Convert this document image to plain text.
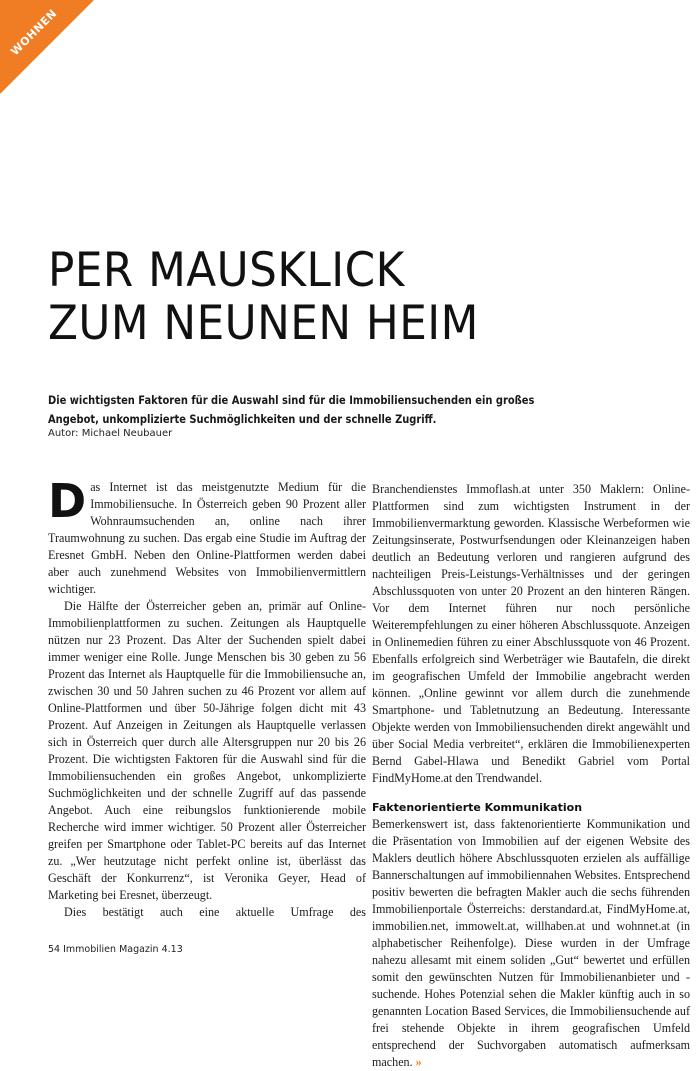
WOHNEN
PER MAUSKLICK
ZUM NEUNEN HEIM
Die wichtigsten Faktoren für die Auswahl sind für die Immobiliensuchenden ein großes
Angebot, unkomplizierte Suchmöglichkeiten und der schnelle Zugriff.
Autor: Michael Neubauer

Das Internet ist das meistgenutzte Medium für die Immobiliensuche. In Österreich geben 90 Prozent aller Wohnraumsuchenden an, online nach ihrer Traumwohnung zu suchen. Das ergab eine Studie im Auftrag der Eresnet GmbH. Neben den Online-Plattformen werden dabei aber auch zunehmend Websites von Immobilienvermittlern wichtiger.

Die Hälfte der Österreicher geben an, primär auf Online-Immobilienplattformen zu suchen. Zeitungen als Hauptquelle nützen nur 23 Prozent. Das Alter der Suchenden spielt dabei immer weniger eine Rolle. Junge Menschen bis 30 geben zu 56 Prozent das Internet als Hauptquelle für die Immobiliensuche an, zwischen 30 und 50 Jahren suchen zu 46 Prozent vor allem auf Online-Plattformen und über 50-Jährige folgen dicht mit 43 Prozent. Auf Anzeigen in Zeitungen als Hauptquelle verlassen sich in Österreich quer durch alle Altersgruppen nur 20 bis 26 Prozent. Die wichtigsten Faktoren für die Auswahl sind für die Immobiliensuchenden ein großes Angebot, unkomplizierte Suchmöglichkeiten und der schnelle Zugriff auf das passende Angebot. Auch eine reibungslos funktionierende mobile Recherche wird immer wichtiger. 50 Prozent aller Österreicher greifen per Smartphone oder Tablet-PC bereits auf das Internet zu. „Wer heutzutage nicht perfekt online ist, überlässt das Geschäft der Konkurrenz“, ist Veronika Geyer, Head of Marketing bei Eresnet, überzeugt.

Dies bestätigt auch eine aktuelle Umfrage des

Branchendienstes Immoflash.at unter 350 Maklern: Online-Plattformen sind zum wichtigsten Instrument in der Immobilienvermarktung geworden. Klassische Werbeformen wie Zeitungsinserate, Postwurfsendungen oder Kleinanzeigen haben deutlich an Bedeutung verloren und rangieren aufgrund des nachteiligen Preis-Leistungs-Verhältnisses und der geringen Abschlussquoten von unter 20 Prozent an den hinteren Rängen. Vor dem Internet führen nur noch persönliche Weiterempfehlungen zu einer höheren Abschlussquote. Anzeigen in Onlinemedien führen zu einer Abschlussquote von 46 Prozent. Ebenfalls erfolgreich sind Werbeträger wie Bautafeln, die direkt im geografischen Umfeld der Immobilie angebracht werden können. „Online gewinnt vor allem durch die zunehmende Smartphone- und Tabletnutzung an Bedeutung. Interessante Objekte werden von Immobiliensuchenden direkt angewählt und über Social Media verbreitet“, erklären die Immobilienexperten Bernd Gabel-Hlawa und Benedikt Gabriel vom Portal FindMyHome.at den Trendwandel.

Faktenorientierte Kommunikation

Bemerkenswert ist, dass faktenorientierte Kommunikation und die Präsentation von Immobilien auf der eigenen Website des Maklers deutlich höhere Abschlussquoten erzielen als auffällige Bannerschaltungen auf immobiliennahen Websites. Entsprechend positiv bewerten die befragten Makler auch die sechs führenden Immobilienportale Österreichs: derstandard.at, FindMyHome.at, immobilien.net, immowelt.at, willhaben.at und wohnnet.at (in alphabetischer Reihenfolge). Diese wurden in der Umfrage nahezu allesamt mit einem soliden „Gut“ bewertet und erfüllen somit den gewünschten Nutzen für Immobilienanbieter und -suchende. Hohes Potenzial sehen die Makler künftig auch in so genannten Location Based Services, die Immobiliensuchende auf frei stehende Objekte in ihrem geografischen Umfeld entsprechend der Suchvorgaben automatisch aufmerksam machen. »

54 Immobilien Magazin 4.13
